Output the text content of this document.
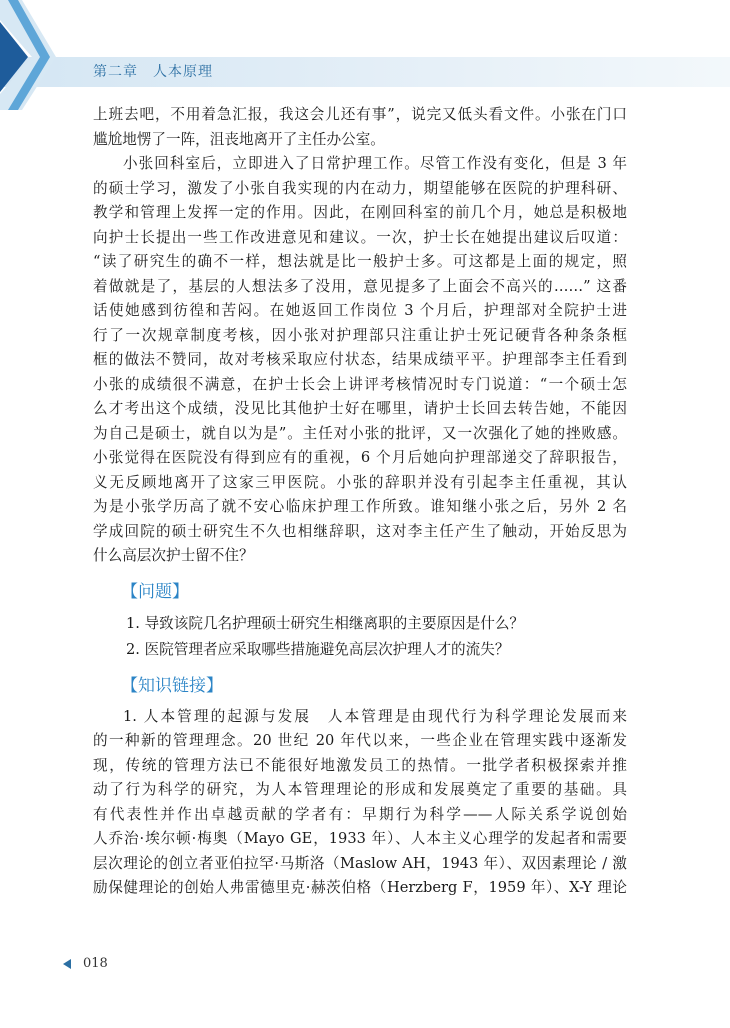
第二章　人本原理
上班去吧，不用着急汇报，我这会儿还有事”，说完又低头看文件。小张在门口
尴尬地愣了一阵，沮丧地离开了主任办公室。
小张回科室后，立即进入了日常护理工作。尽管工作没有变化，但是 3 年
的硕士学习，激发了小张自我实现的内在动力，期望能够在医院的护理科研、
教学和管理上发挥一定的作用。因此，在刚回科室的前几个月，她总是积极地
向护士长提出一些工作改进意见和建议。一次，护士长在她提出建议后叹道：
“读了研究生的确不一样，想法就是比一般护士多。可这都是上面的规定，照
着做就是了，基层的人想法多了没用，意见提多了上面会不高兴的……” 这番
话使她感到彷徨和苦闷。在她返回工作岗位 3 个月后，护理部对全院护士进
行了一次规章制度考核，因小张对护理部只注重让护士死记硬背各种条条框
框的做法不赞同，故对考核采取应付状态，结果成绩平平。护理部李主任看到
小张的成绩很不满意，在护士长会上讲评考核情况时专门说道：“一个硕士怎
么才考出这个成绩，没见比其他护士好在哪里，请护士长回去转告她，不能因
为自己是硕士，就自以为是”。主任对小张的批评，又一次强化了她的挫败感。
小张觉得在医院没有得到应有的重视，6 个月后她向护理部递交了辞职报告，
义无反顾地离开了这家三甲医院。小张的辞职并没有引起李主任重视，其认
为是小张学历高了就不安心临床护理工作所致。谁知继小张之后，另外 2 名
学成回院的硕士研究生不久也相继辞职，这对李主任产生了触动，开始反思为
什么高层次护士留不住？
【问题】
1. 导致该院几名护理硕士研究生相继离职的主要原因是什么？
2. 医院管理者应采取哪些措施避免高层次护理人才的流失？
【知识链接】
1. 人本管理的起源与发展　人本管理是由现代行为科学理论发展而来
的一种新的管理理念。20 世纪 20 年代以来，一些企业在管理实践中逐渐发
现，传统的管理方法已不能很好地激发员工的热情。一批学者积极探索并推
动了行为科学的研究，为人本管理理论的形成和发展奠定了重要的基础。具
有代表性并作出卓越贡献的学者有：早期行为科学——人际关系学说创始
人乔治·埃尔顿·梅奥（Mayo GE，1933 年）、人本主义心理学的发起者和需要
层次理论的创立者亚伯拉罕·马斯洛（Maslow AH，1943 年）、双因素理论 / 激
励保健理论的创始人弗雷德里克·赫茨伯格（Herzberg F，1959 年）、X-Y 理论
018
